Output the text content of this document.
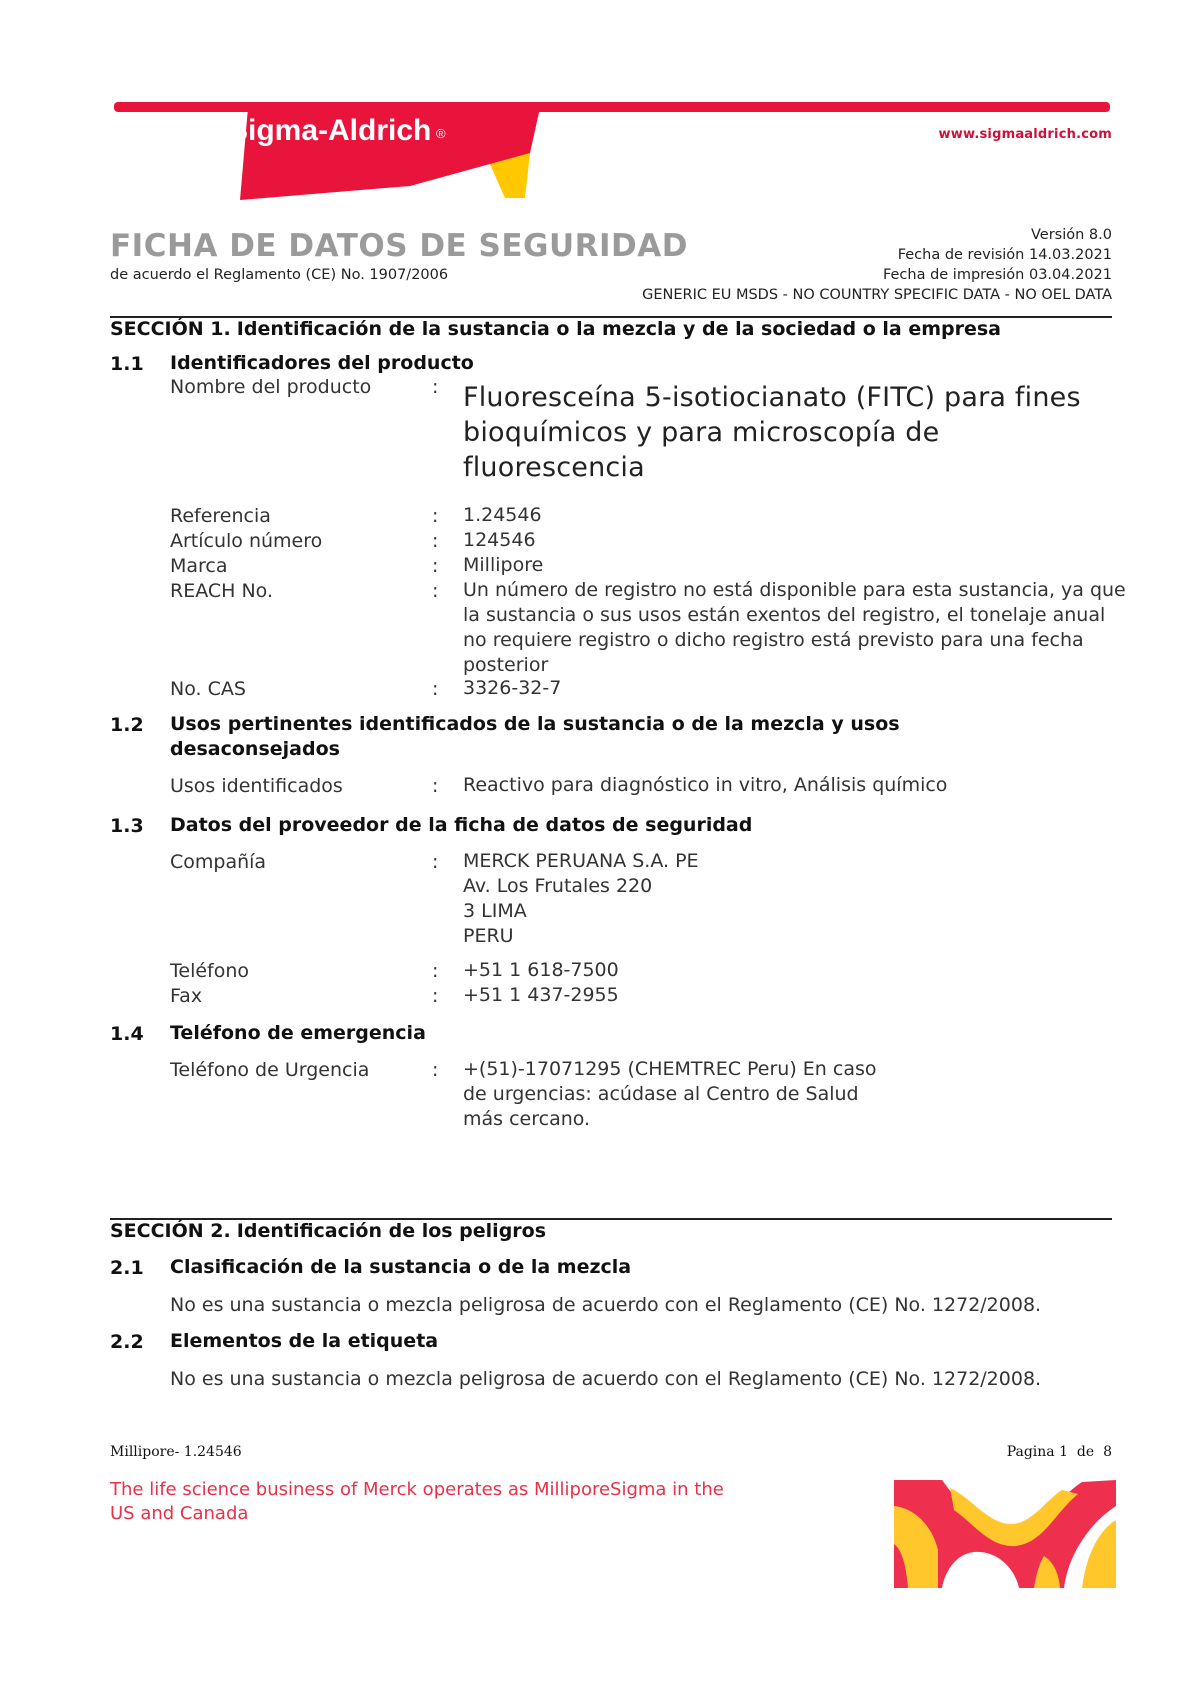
Sigma-Aldrich ®	www.sigmaaldrich.com
FICHA DE DATOS DE SEGURIDAD
de acuerdo el Reglamento (CE) No. 1907/2006
Versión 8.0
Fecha de revisión 14.03.2021
Fecha de impresión 03.04.2021
GENERIC EU MSDS - NO COUNTRY SPECIFIC DATA - NO OEL DATA
SECCIÓN 1. Identificación de la sustancia o la mezcla y de la sociedad o la empresa
1.1 Identificadores del producto
Nombre del producto	: Fluoresceína 5-isotiocianato (FITC) para fines bioquímicos y para microscopía de fluorescencia
Referencia	: 1.24546
Artículo número	: 124546
Marca	: Millipore
REACH No.	: Un número de registro no está disponible para esta sustancia, ya que la sustancia o sus usos están exentos del registro, el tonelaje anual no requiere registro o dicho registro está previsto para una fecha posterior
No. CAS	: 3326-32-7
1.2 Usos pertinentes identificados de la sustancia o de la mezcla y usos desaconsejados
Usos identificados	: Reactivo para diagnóstico in vitro, Análisis químico
1.3 Datos del proveedor de la ficha de datos de seguridad
Compañía	: MERCK PERUANA S.A. PE
Av. Los Frutales 220
3 LIMA
PERU
Teléfono	: +51 1 618-7500
Fax	: +51 1 437-2955
1.4 Teléfono de emergencia
Teléfono de Urgencia	: +(51)-17071295 (CHEMTREC Peru) En caso de urgencias: acúdase al Centro de Salud más cercano.
SECCIÓN 2. Identificación de los peligros
2.1 Clasificación de la sustancia o de la mezcla
No es una sustancia o mezcla peligrosa de acuerdo con el Reglamento (CE) No. 1272/2008.
2.2 Elementos de la etiqueta
No es una sustancia o mezcla peligrosa de acuerdo con el Reglamento (CE) No. 1272/2008.
Millipore- 1.24546	Pagina 1 de 8
The life science business of Merck operates as MilliporeSigma in the US and Canada
